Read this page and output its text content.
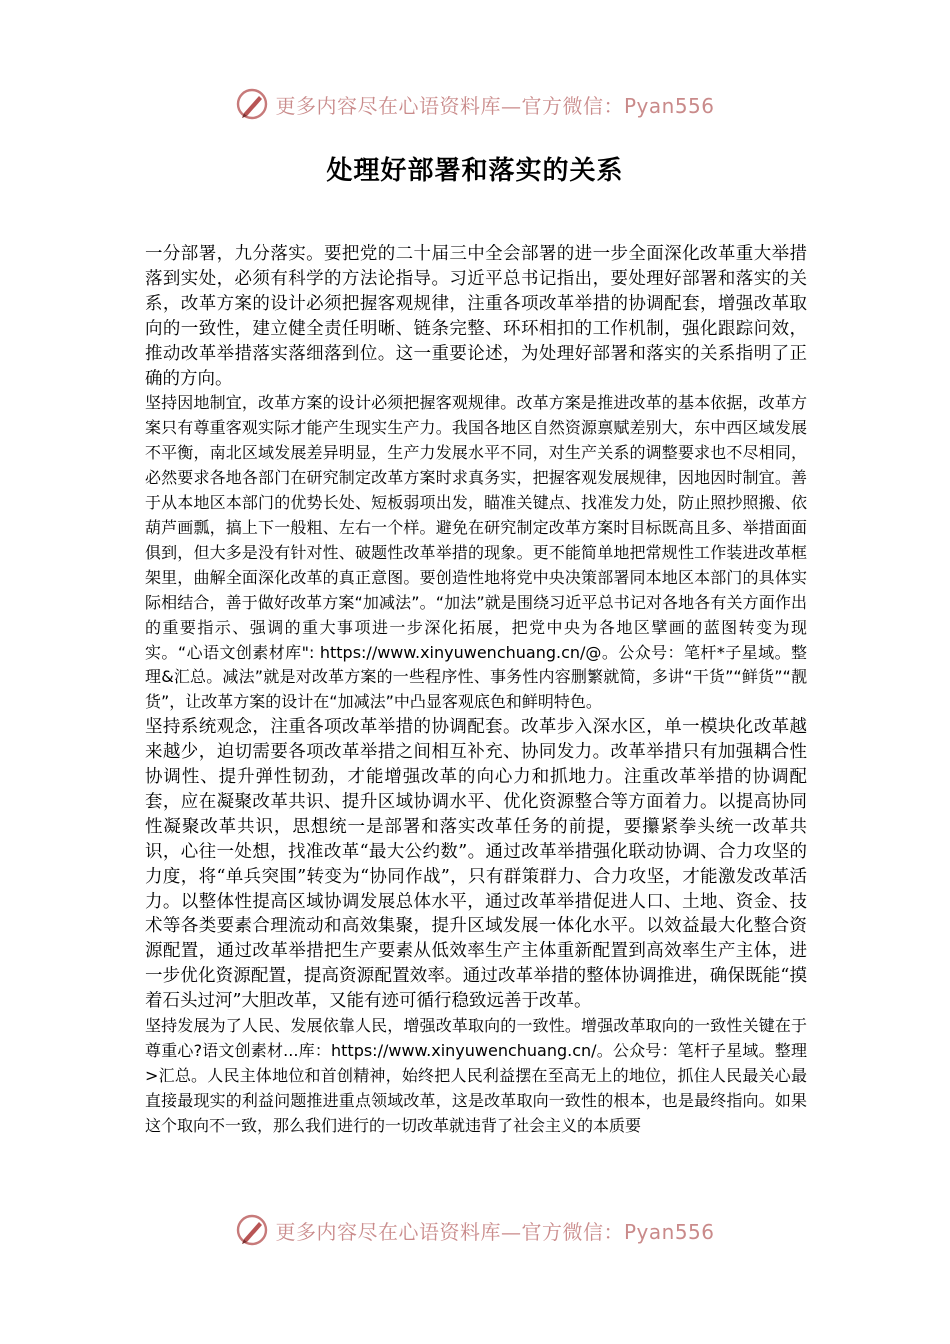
更多内容尽在心语资料库—官方微信：Pyan556
处理好部署和落实的关系

一分部署，九分落实。要把党的二十届三中全会部署的进一步全面深化改革重大举措落到实处，必须有科学的方法论指导。习近平总书记指出，要处理好部署和落实的关系，改革方案的设计必须把握客观规律，注重各项改革举措的协调配套，增强改革取向的一致性，建立健全责任明晰、链条完整、环环相扣的工作机制，强化跟踪问效，推动改革举措落实落细落到位。这一重要论述，为处理好部署和落实的关系指明了正确的方向。

坚持因地制宜，改革方案的设计必须把握客观规律。改革方案是推进改革的基本依据，改革方案只有尊重客观实际才能产生现实生产力。我国各地区自然资源禀赋差别大，东中西区域发展不平衡，南北区域发展差异明显，生产力发展水平不同，对生产关系的调整要求也不尽相同，必然要求各地各部门在研究制定改革方案时求真务实，把握客观发展规律，因地因时制宜。善于从本地区本部门的优势长处、短板弱项出发，瞄准关键点、找准发力处，防止照抄照搬、依葫芦画瓢，搞上下一般粗、左右一个样。避免在研究制定改革方案时目标既高且多、举措面面俱到，但大多是没有针对性、破题性改革举措的现象。更不能简单地把常规性工作装进改革框架里，曲解全面深化改革的真正意图。要创造性地将党中央决策部署同本地区本部门的具体实际相结合，善于做好改革方案“加减法”。“加法”就是围绕习近平总书记对各地各有关方面作出的重要指示、强调的重大事项进一步深化拓展，把党中央为各地区擘画的蓝图转变为现实。“心语文创素材库": https://www.xinyuwenchuang.cn/@。公众号：笔杆*子星域。整理&汇总。减法”就是对改革方案的一些程序性、事务性内容删繁就简，多讲“干货”“鲜货”“靓货”，让改革方案的设计在“加减法”中凸显客观底色和鲜明特色。

坚持系统观念，注重各项改革举措的协调配套。改革步入深水区，单一模块化改革越来越少，迫切需要各项改革举措之间相互补充、协同发力。改革举措只有加强耦合性协调性、提升弹性韧劲，才能增强改革的向心力和抓地力。注重改革举措的协调配套，应在凝聚改革共识、提升区域协调水平、优化资源整合等方面着力。以提高协同性凝聚改革共识，思想统一是部署和落实改革任务的前提，要攥紧拳头统一改革共识，心往一处想，找准改革“最大公约数”。通过改革举措强化联动协调、合力攻坚的力度，将“单兵突围”转变为“协同作战”，只有群策群力、合力攻坚，才能激发改革活力。以整体性提高区域协调发展总体水平，通过改革举措促进人口、土地、资金、技术等各类要素合理流动和高效集聚，提升区域发展一体化水平。以效益最大化整合资源配置，通过改革举措把生产要素从低效率生产主体重新配置到高效率生产主体，进一步优化资源配置，提高资源配置效率。通过改革举措的整体协调推进，确保既能“摸着石头过河”大胆改革，又能有迹可循行稳致远善于改革。

坚持发展为了人民、发展依靠人民，增强改革取向的一致性。增强改革取向的一致性关键在于尊重心?语文创素材...库：https://www.xinyuwenchuang.cn/。公众号：笔杆子星域。整理>汇总。人民主体地位和首创精神，始终把人民利益摆在至高无上的地位，抓住人民最关心最直接最现实的利益问题推进重点领域改革，这是改革取向一致性的根本，也是最终指向。如果这个取向不一致，那么我们进行的一切改革就违背了社会主义的本质要

更多内容尽在心语资料库—官方微信：Pyan556
